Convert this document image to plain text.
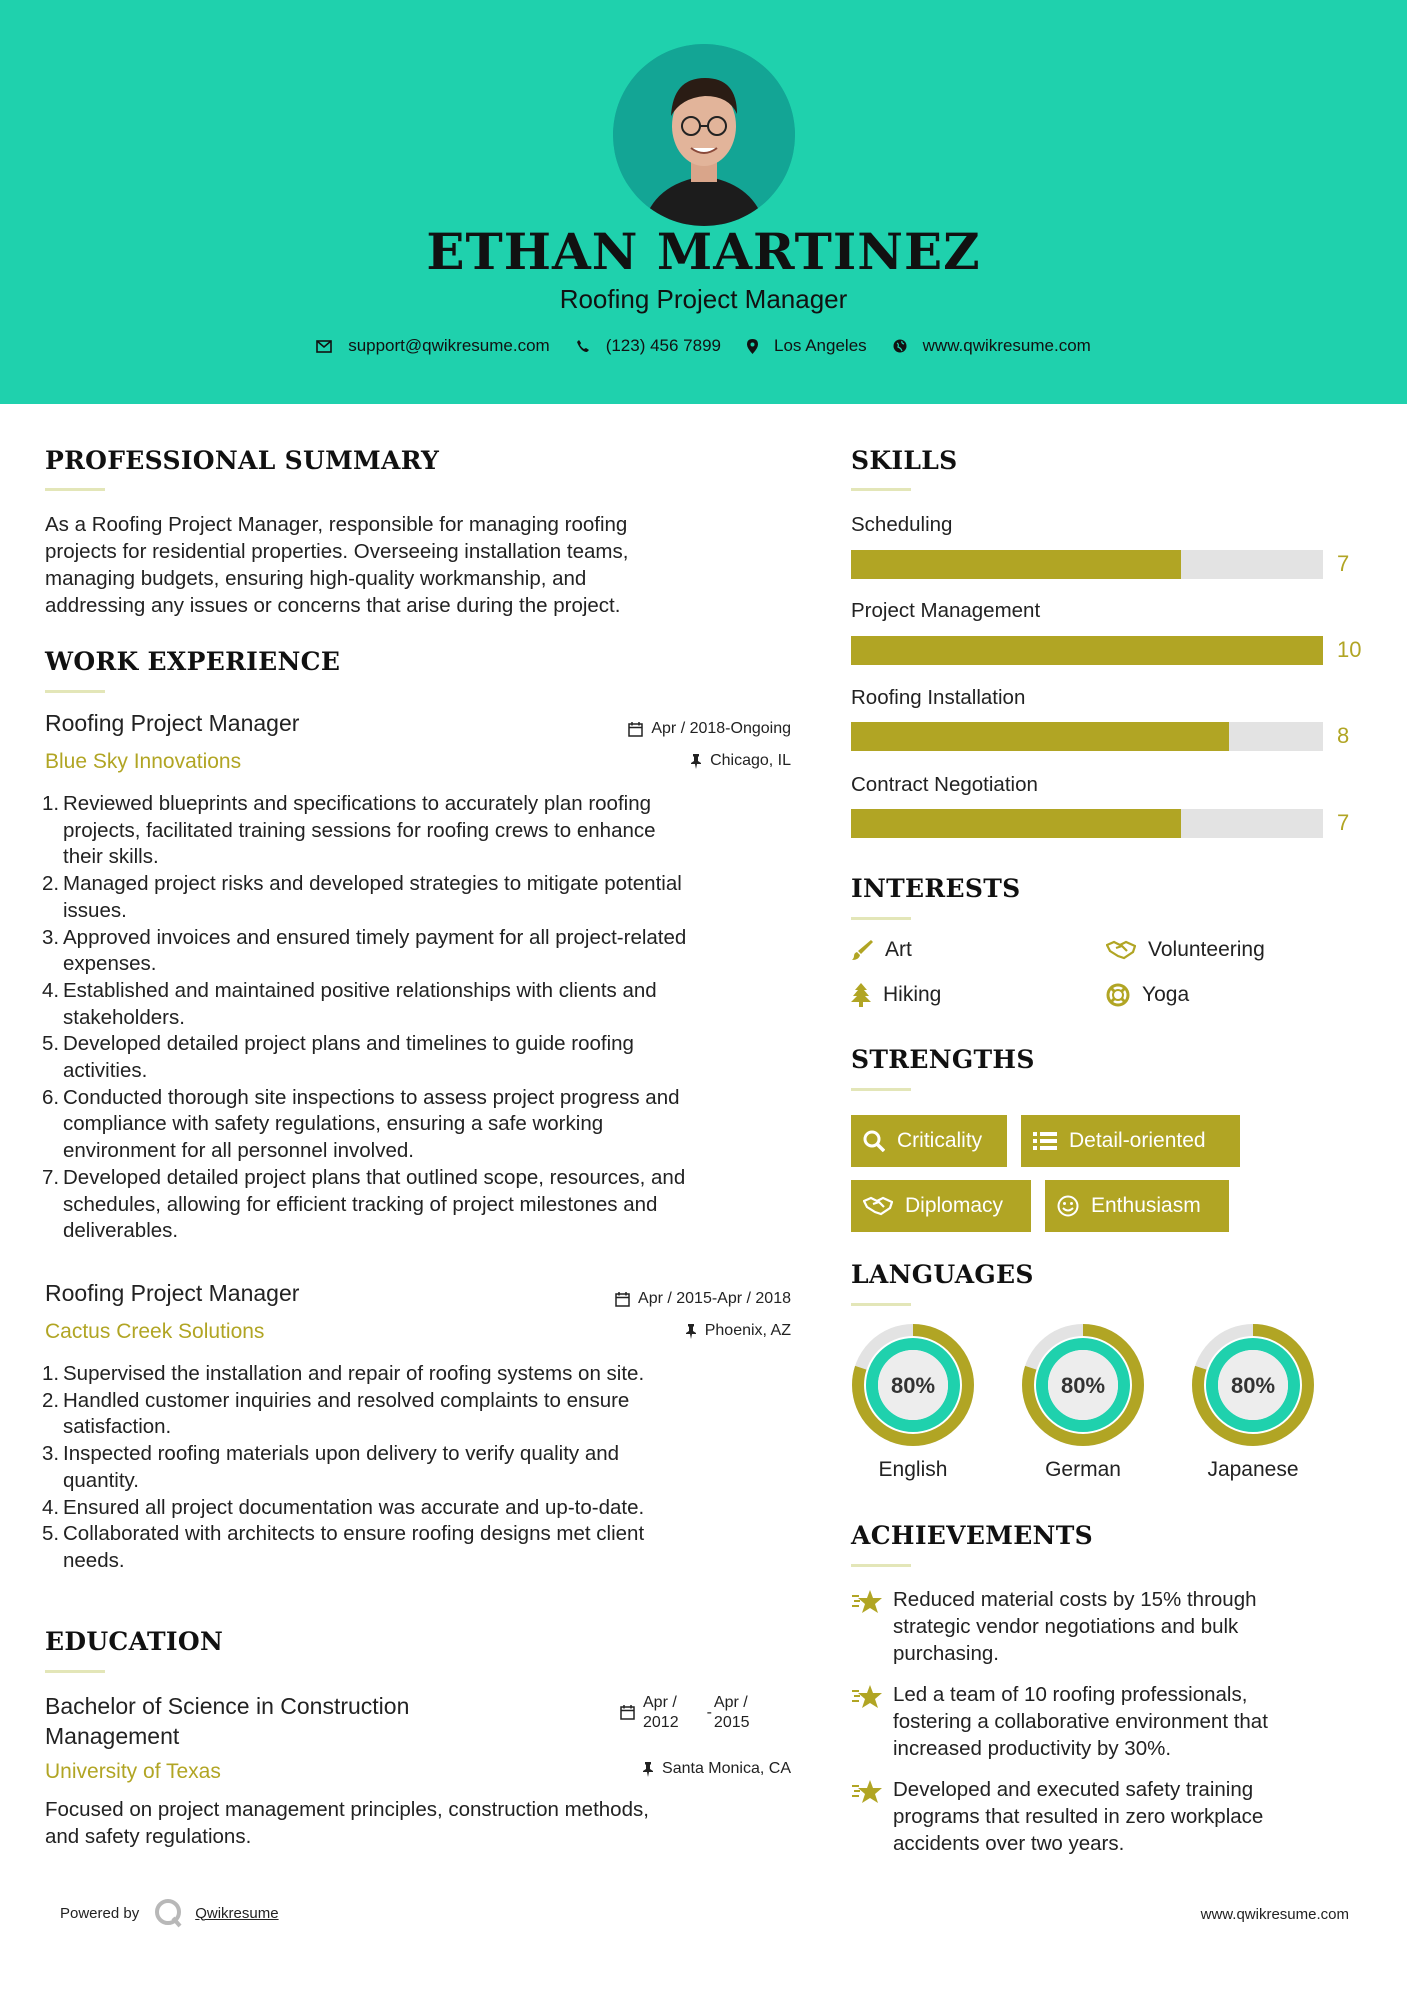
ETHAN MARTINEZ
Roofing Project Manager
support@qwikresume.com	(123) 456 7899	Los Angeles	www.qwikresume.com
PROFESSIONAL SUMMARY
As a Roofing Project Manager, responsible for managing roofing
projects for residential properties. Overseeing installation teams,
managing budgets, ensuring high-quality workmanship, and
addressing any issues or concerns that arise during the project.
WORK EXPERIENCE
Roofing Project Manager
Blue Sky Innovations
Apr / 2018-Ongoing
Chicago, IL
1. Reviewed blueprints and specifications to accurately plan roofing
projects, facilitated training sessions for roofing crews to enhance
their skills.
2. Managed project risks and developed strategies to mitigate potential
issues.
3. Approved invoices and ensured timely payment for all project-related
expenses.
4. Established and maintained positive relationships with clients and
stakeholders.
5. Developed detailed project plans and timelines to guide roofing
activities.
6. Conducted thorough site inspections to assess project progress and
compliance with safety regulations, ensuring a safe working
environment for all personnel involved.
7. Developed detailed project plans that outlined scope, resources, and
schedules, allowing for efficient tracking of project milestones and
deliverables.
Roofing Project Manager
Cactus Creek Solutions
Apr / 2015-Apr / 2018
Phoenix, AZ
1. Supervised the installation and repair of roofing systems on site.
2. Handled customer inquiries and resolved complaints to ensure
satisfaction.
3. Inspected roofing materials upon delivery to verify quality and
quantity.
4. Ensured all project documentation was accurate and up-to-date.
5. Collaborated with architects to ensure roofing designs met client
needs.
EDUCATION
Bachelor of Science in Construction
Management
University of Texas
Apr /
2012
-
Apr /
2015
Santa Monica, CA
Focused on project management principles, construction methods,
and safety regulations.
SKILLS
Scheduling
7
Project Management
10
Roofing Installation
8
Contract Negotiation
7
INTERESTS
Art	Volunteering
Hiking	Yoga
STRENGTHS
Criticality	Detail-oriented
Diplomacy	Enthusiasm
LANGUAGES
80%
English
80%
German
80%
Japanese
ACHIEVEMENTS
Reduced material costs by 15% through
strategic vendor negotiations and bulk
purchasing.
Led a team of 10 roofing professionals,
fostering a collaborative environment that
increased productivity by 30%.
Developed and executed safety training
programs that resulted in zero workplace
accidents over two years.
Powered by	Qwikresume	www.qwikresume.com
